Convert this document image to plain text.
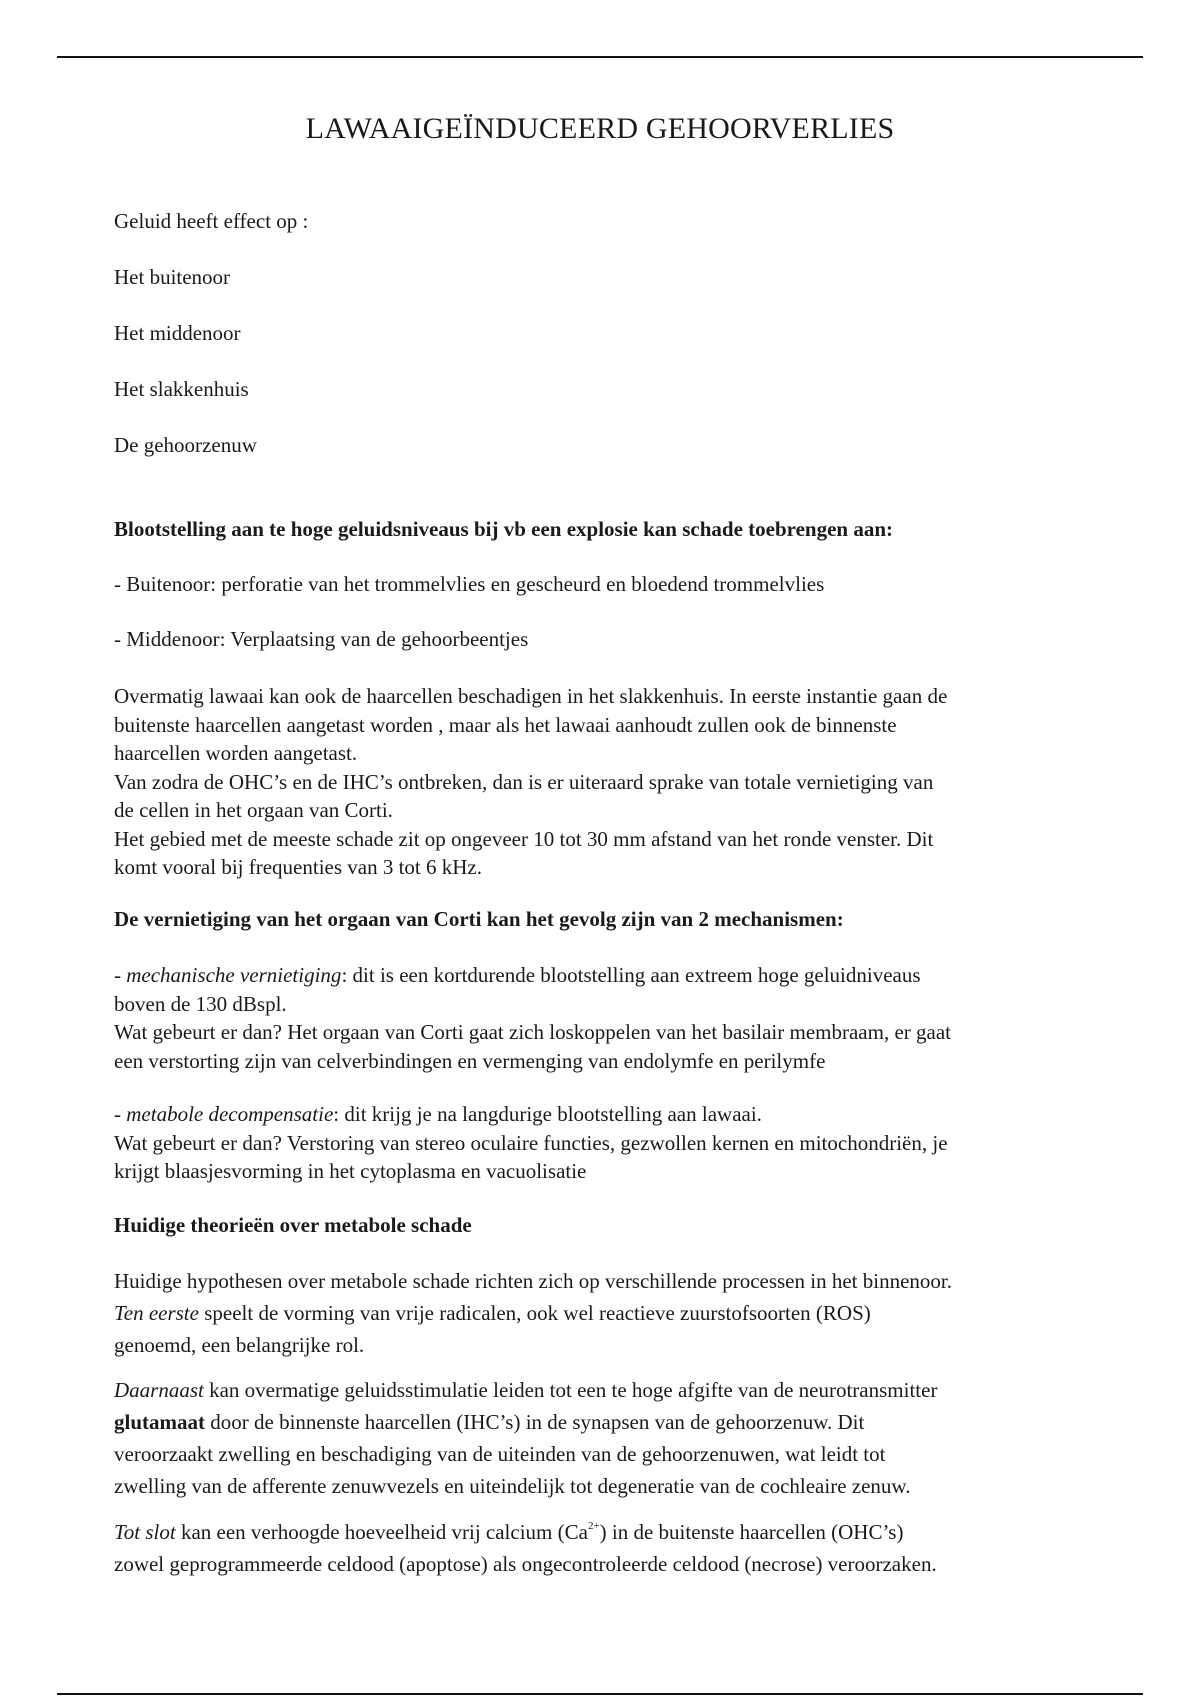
LAWAAIGEÏNDUCEERD GEHOORVERLIES

Geluid heeft effect op :

Het buitenoor

Het middenoor

Het slakkenhuis

De gehoorzenuw

Blootstelling aan te hoge geluidsniveaus bij vb een explosie kan schade toebrengen aan:

- Buitenoor: perforatie van het trommelvlies en gescheurd en bloedend trommelvlies

- Middenoor: Verplaatsing van de gehoorbeentjes

Overmatig lawaai kan ook de haarcellen beschadigen in het slakkenhuis. In eerste instantie gaan de
buitenste haarcellen aangetast worden , maar als het lawaai aanhoudt zullen ook de binnenste
haarcellen worden aangetast.
Van zodra de OHC’s en de IHC’s ontbreken, dan is er uiteraard sprake van totale vernietiging van
de cellen in het orgaan van Corti.
Het gebied met de meeste schade zit op ongeveer 10 tot 30 mm afstand van het ronde venster. Dit
komt vooral bij frequenties van 3 tot 6 kHz.

De vernietiging van het orgaan van Corti kan het gevolg zijn van 2 mechanismen:

- mechanische vernietiging: dit is een kortdurende blootstelling aan extreem hoge geluidniveaus
boven de 130 dBspl.
Wat gebeurt er dan? Het orgaan van Corti gaat zich loskoppelen van het basilair membraam, er gaat
een verstorting zijn van celverbindingen en vermenging van endolymfe en perilymfe
- metabole decompensatie: dit krijg je na langdurige blootstelling aan lawaai.
Wat gebeurt er dan? Verstoring van stereo oculaire functies, gezwollen kernen en mitochondriën, je
krijgt blaasjesvorming in het cytoplasma en vacuolisatie

Huidige theorieën over metabole schade

Huidige hypothesen over metabole schade richten zich op verschillende processen in het binnenoor.
Ten eerste speelt de vorming van vrije radicalen, ook wel reactieve zuurstofsoorten (ROS)
genoemd, een belangrijke rol.
Daarnaast kan overmatige geluidsstimulatie leiden tot een te hoge afgifte van de neurotransmitter
glutamaat door de binnenste haarcellen (IHC’s) in de synapsen van de gehoorzenuw. Dit
veroorzaakt zwelling en beschadiging van de uiteinden van de gehoorzenuwen, wat leidt tot
zwelling van de afferente zenuwvezels en uiteindelijk tot degeneratie van de cochleaire zenuw.
Tot slot kan een verhoogde hoeveelheid vrij calcium $(Ca^{2+})$ in de buitenste haarcellen (OHC’s)
zowel geprogrammeerde celdood (apoptose) als ongecontroleerde celdood (necrose) veroorzaken.
